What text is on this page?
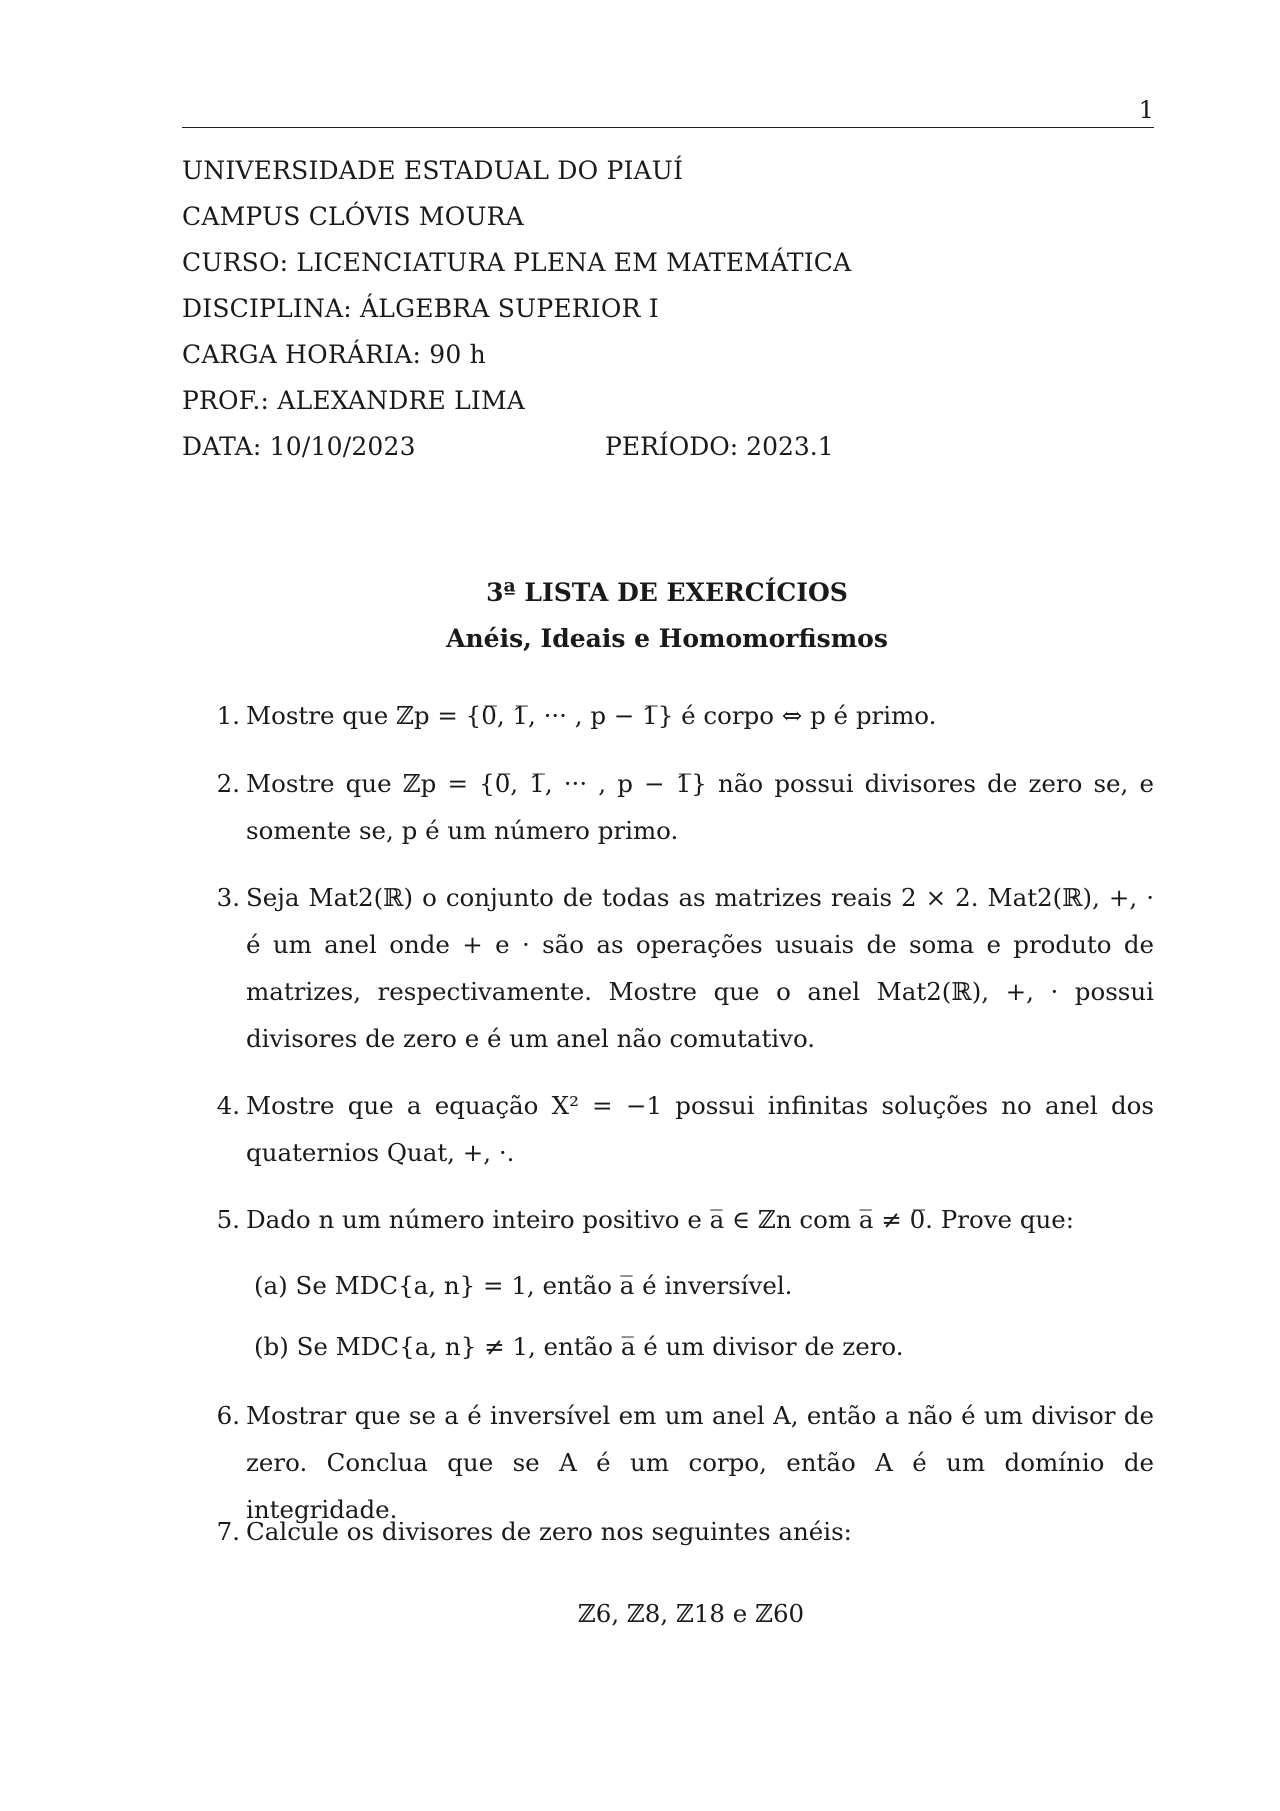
1
UNIVERSIDADE ESTADUAL DO PIAUÍ
CAMPUS CLÓVIS MOURA
CURSO: LICENCIATURA PLENA EM MATEMÁTICA
DISCIPLINA: ÁLGEBRA SUPERIOR I
CARGA HORÁRIA: 90 h
PROF.: ALEXANDRE LIMA
DATA: 10/10/2023	PERÍODO: 2023.1
3ª LISTA DE EXERCÍCIOS
Anéis, Ideais e Homomorfismos
1. Mostre que ℤp = {0̅, 1̅, ··· , p − 1̅} é corpo ⇔ p é primo.
2. Mostre que ℤp = {0̅, 1̅, ··· , p − 1̅} não possui divisores de zero se, e somente se, p é um número primo.
3. Seja Mat2(ℝ) o conjunto de todas as matrizes reais 2 × 2. Mat2(ℝ), +, · é um anel onde + e · são as operações usuais de soma e produto de matrizes, respectivamente. Mostre que o anel Mat2(ℝ), +, · possui divisores de zero e é um anel não comutativo.
4. Mostre que a equação X² = −1 possui infinitas soluções no anel dos quaternios Quat, +, ·.
5. Dado n um número inteiro positivo e a̅ ∈ ℤn com a̅ ≠ 0̅. Prove que:
(a) Se MDC{a, n} = 1, então a̅ é inversível.
(b) Se MDC{a, n} ≠ 1, então a̅ é um divisor de zero.
6. Mostrar que se a é inversível em um anel A, então a não é um divisor de zero. Conclua que se A é um corpo, então A é um domínio de integridade.
7. Calcule os divisores de zero nos seguintes anéis:
ℤ6, ℤ8, ℤ18 e ℤ60
